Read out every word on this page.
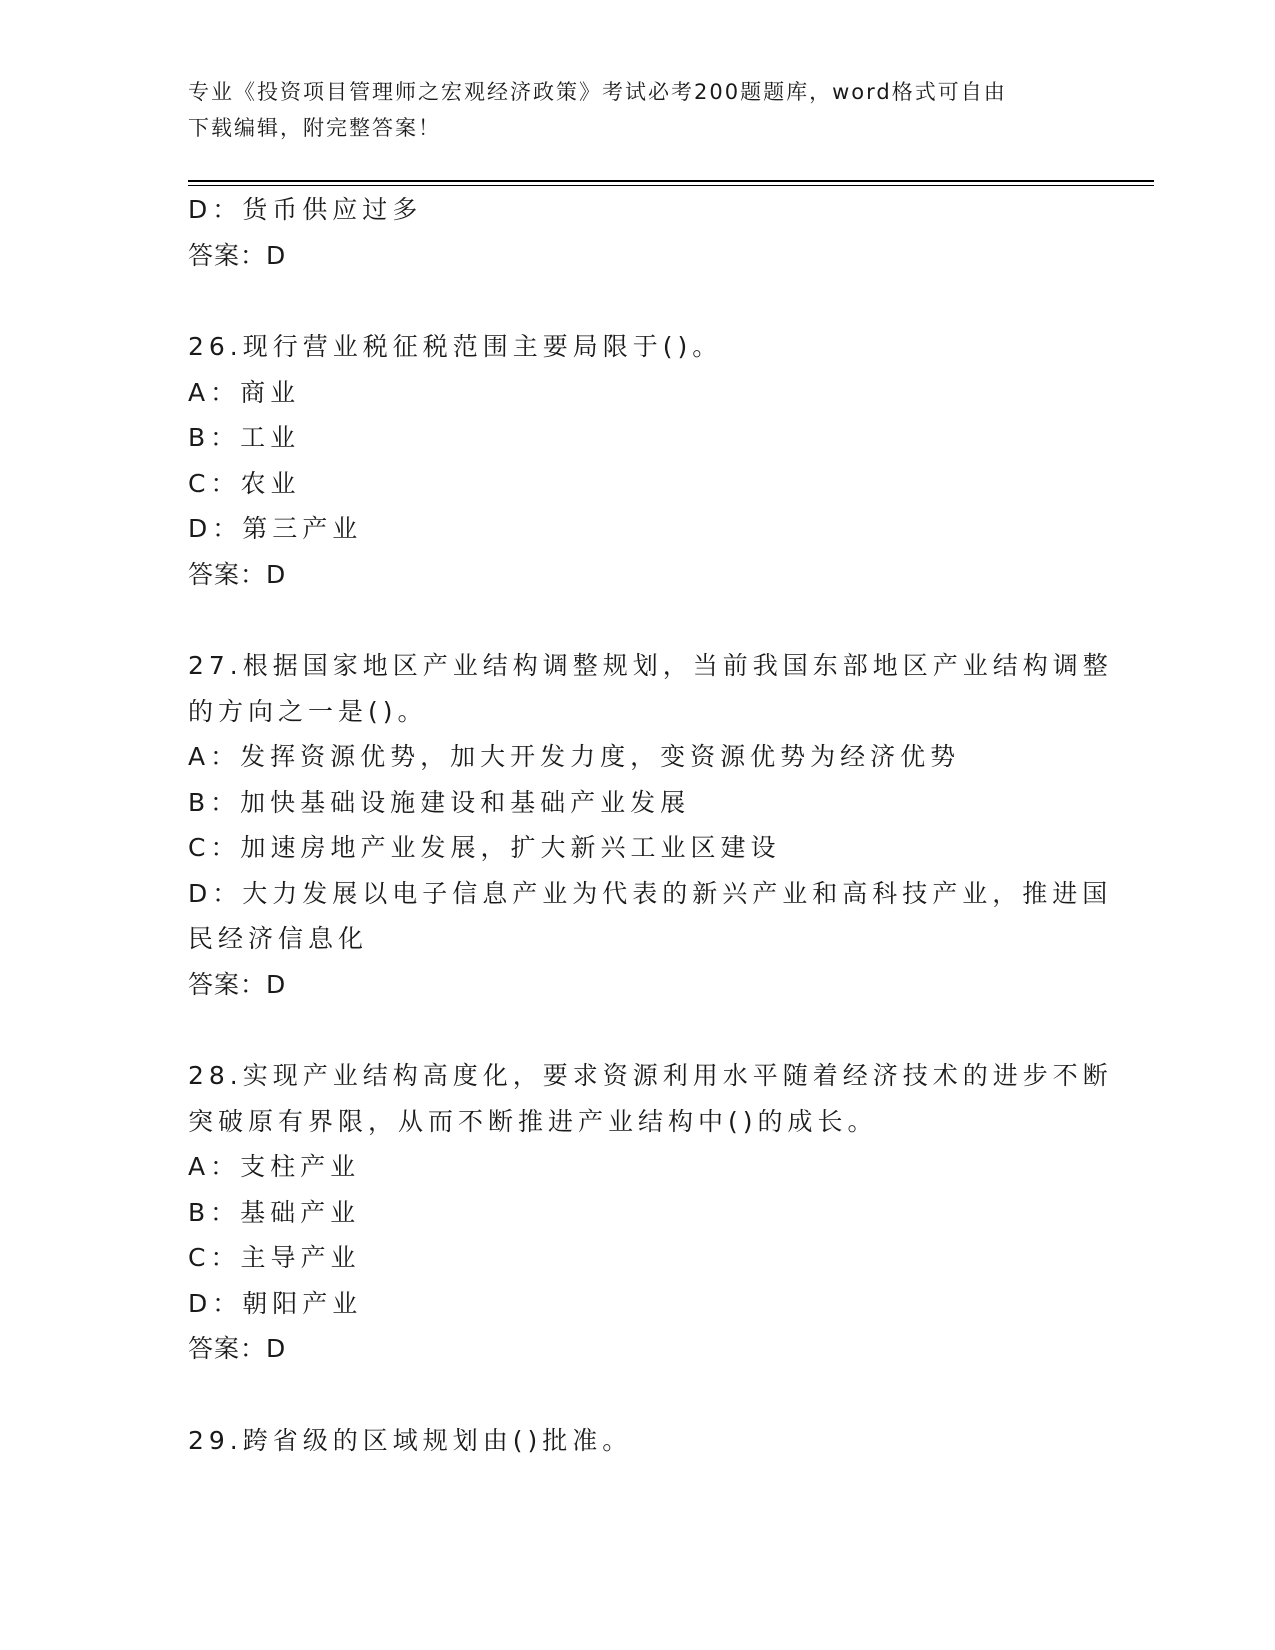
专业《投资项目管理师之宏观经济政策》考试必考200题题库，word格式可自由
下载编辑，附完整答案！

D：货币供应过多

答案：D

26.现行营业税征税范围主要局限于()。

A：商业

B：工业

C：农业

D：第三产业

答案：D

27.根据国家地区产业结构调整规划，当前我国东部地区产业结构调整

的方向之一是()。

A：发挥资源优势，加大开发力度，变资源优势为经济优势

B：加快基础设施建设和基础产业发展

C：加速房地产业发展，扩大新兴工业区建设

D：大力发展以电子信息产业为代表的新兴产业和高科技产业，推进国

民经济信息化

答案：D

28.实现产业结构高度化，要求资源利用水平随着经济技术的进步不断

突破原有界限，从而不断推进产业结构中()的成长。

A：支柱产业

B：基础产业

C：主导产业

D：朝阳产业

答案：D

29.跨省级的区域规划由()批准。
